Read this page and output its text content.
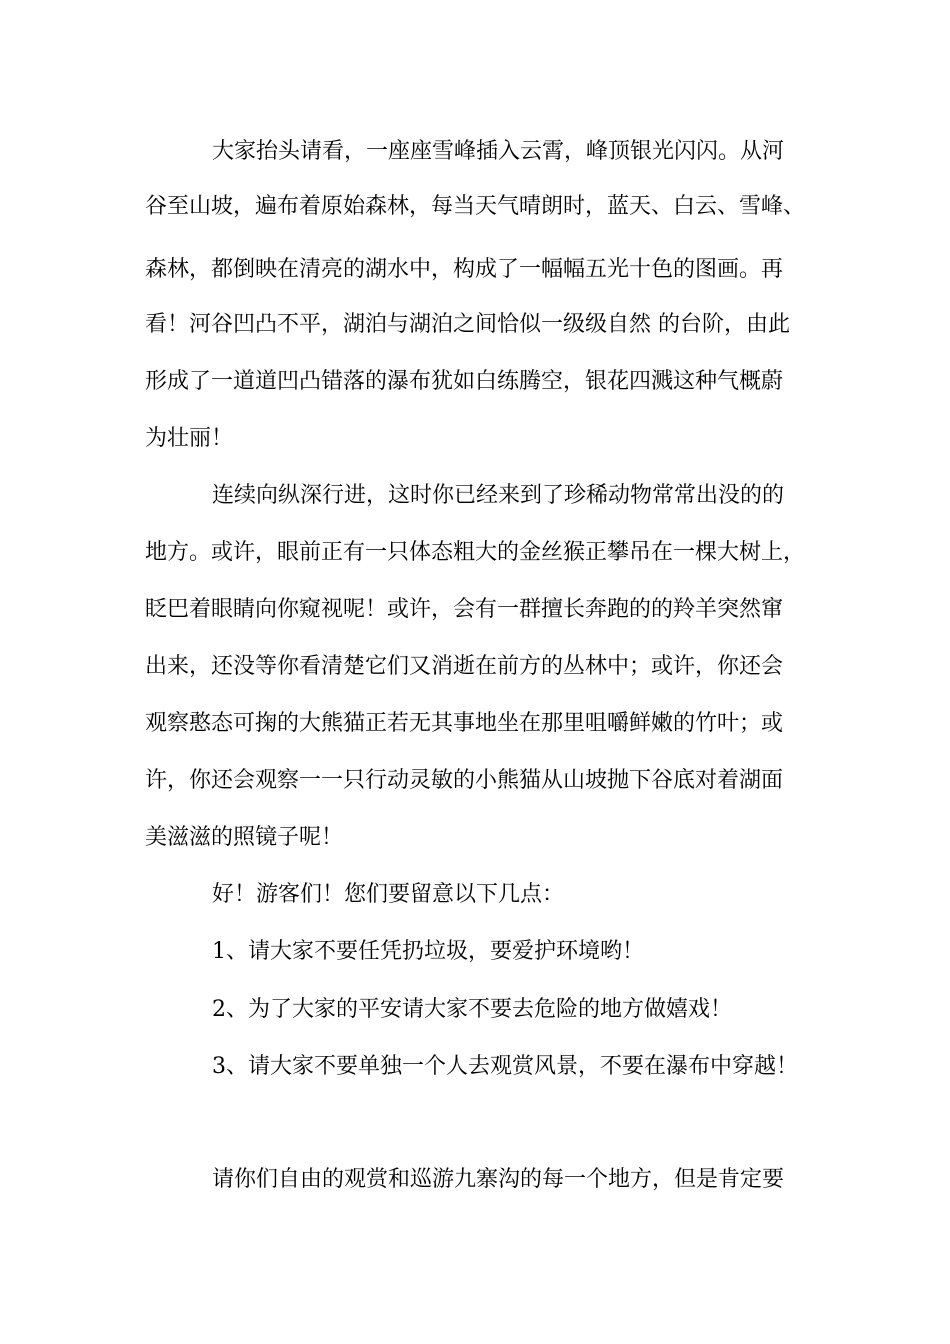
大家抬头请看，一座座雪峰插入云霄，峰顶银光闪闪。从河
谷至山坡，遍布着原始森林，每当天气晴朗时，蓝天、白云、雪峰、
森林，都倒映在清亮的湖水中，构成了一幅幅五光十色的图画。再
看！河谷凹凸不平，湖泊与湖泊之间恰似一级级自然 的台阶，由此
形成了一道道凹凸错落的瀑布犹如白练腾空，银花四溅这种气概蔚
为壮丽！
连续向纵深行进，这时你已经来到了珍稀动物常常出没的的
地方。或许，眼前正有一只体态粗大的金丝猴正攀吊在一棵大树上，
眨巴着眼睛向你窥视呢！或许，会有一群擅长奔跑的的羚羊突然窜
出来，还没等你看清楚它们又消逝在前方的丛林中；或许，你还会
观察憨态可掬的大熊猫正若无其事地坐在那里咀嚼鲜嫩的竹叶；或
许，你还会观察一一只行动灵敏的小熊猫从山坡抛下谷底对着湖面
美滋滋的照镜子呢！
好！游客们！您们要留意以下几点：
1、请大家不要任凭扔垃圾，要爱护环境哟！
2、为了大家的平安请大家不要去危险的地方做嬉戏！
3、请大家不要单独一个人去观赏风景，不要在瀑布中穿越！
请你们自由的观赏和巡游九寨沟的每一个地方，但是肯定要
